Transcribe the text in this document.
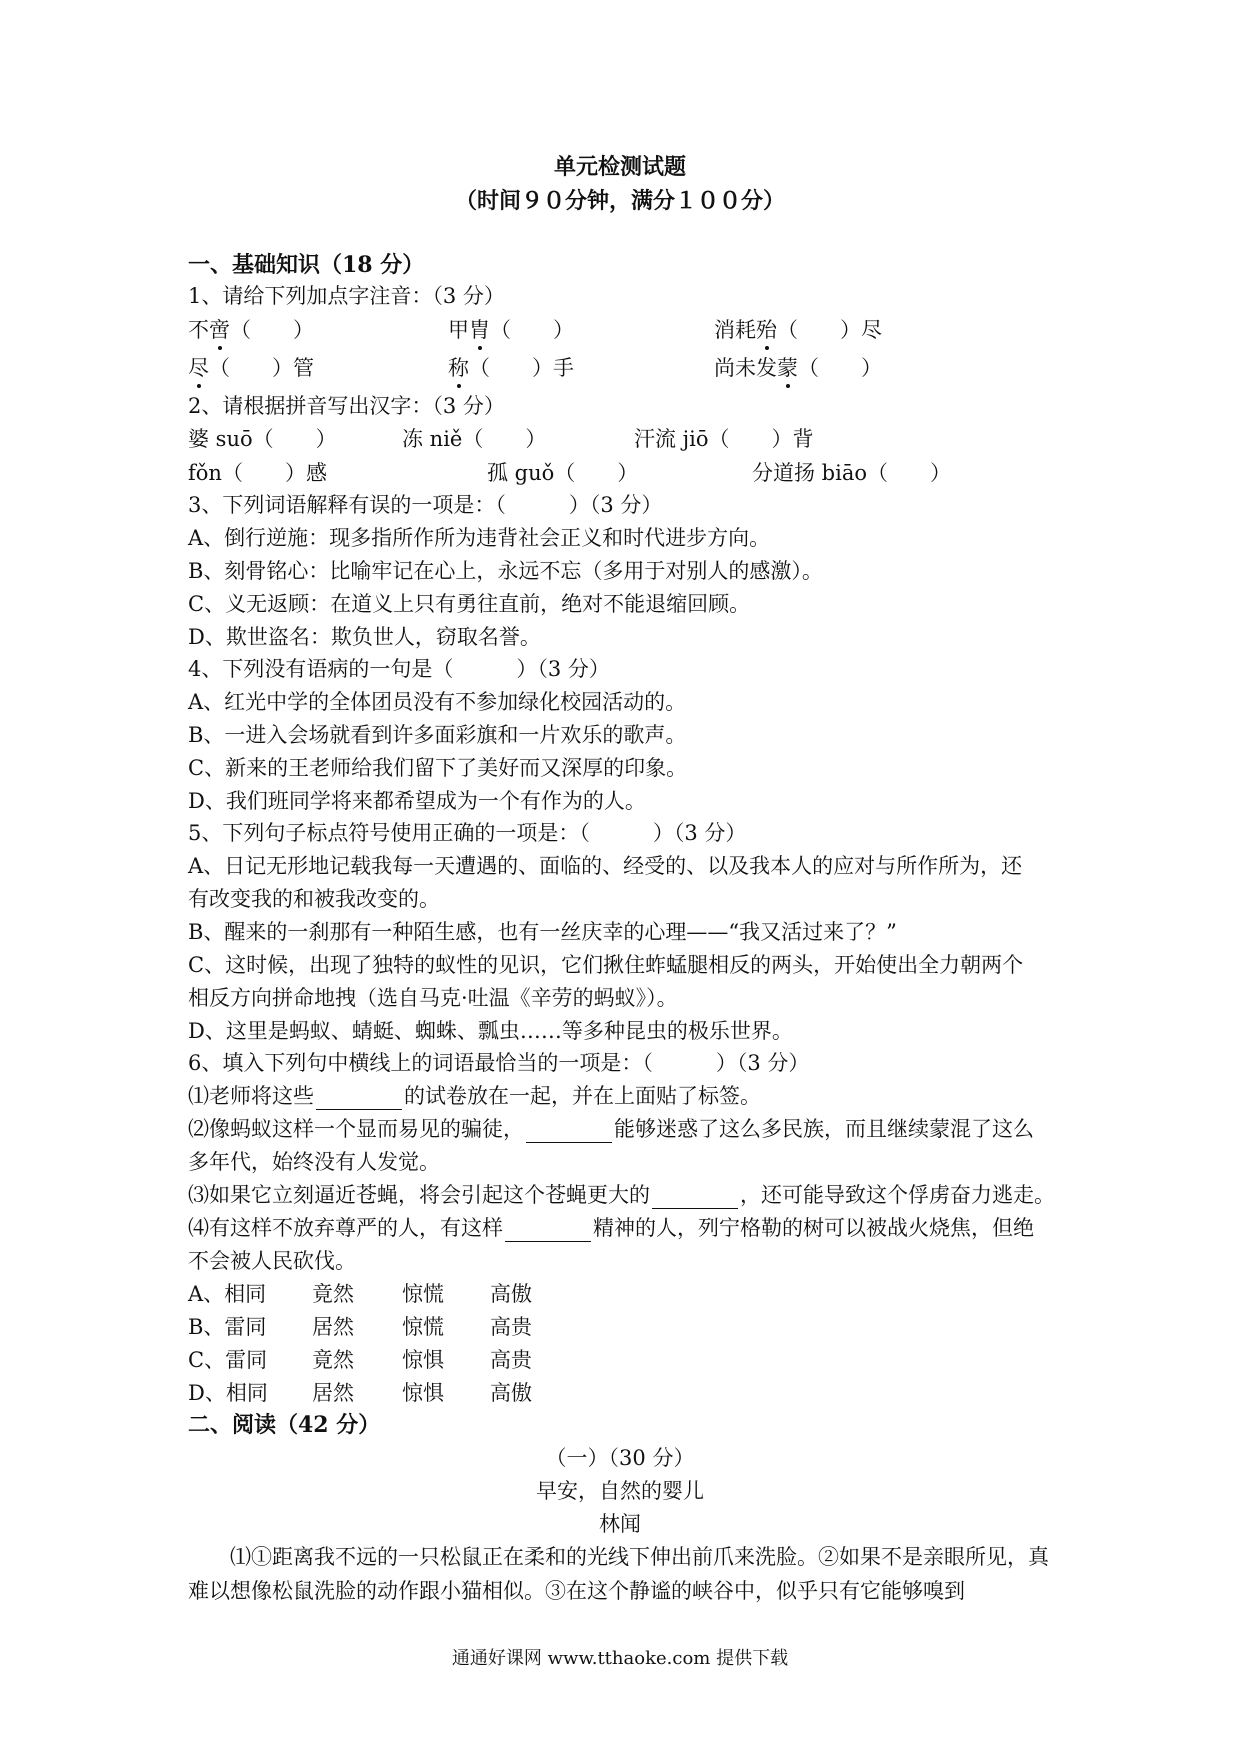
单元检测试题
（时间９０分钟，满分１００分）
一、基础知识（18 分）
1、请给下列加点字注音：（3 分）
不啻（　　）	甲胄（　　）	消耗殆（　　）尽
尽（　　）管	称（　　）手	尚未发蒙（　　）
2、请根据拼音写出汉字：（3 分）
婆 suō（　　）	冻 niě（　　）	汗流 jiō（　　）背
fǒn（　　）感	孤 guǒ（　　）	分道扬 biāo（　　）
3、下列词语解释有误的一项是：（　　　）（3 分）
A、倒行逆施：现多指所作所为违背社会正义和时代进步方向。
B、刻骨铭心：比喻牢记在心上，永远不忘（多用于对别人的感激）。
C、义无返顾：在道义上只有勇往直前，绝对不能退缩回顾。
D、欺世盗名：欺负世人，窃取名誉。
4、下列没有语病的一句是（　　　）（3 分）
A、红光中学的全体团员没有不参加绿化校园活动的。
B、一进入会场就看到许多面彩旗和一片欢乐的歌声。
C、新来的王老师给我们留下了美好而又深厚的印象。
D、我们班同学将来都希望成为一个有作为的人。
5、下列句子标点符号使用正确的一项是：（　　　）（3 分）
A、日记无形地记载我每一天遭遇的、面临的、经受的、以及我本人的应对与所作所为，还
有改变我的和被我改变的。
B、醒来的一刹那有一种陌生感，也有一丝庆幸的心理——“我又活过来了？”
C、这时候，出现了独特的蚁性的见识，它们揪住蚱蜢腿相反的两头，开始使出全力朝两个
相反方向拼命地拽（选自马克·吐温《辛劳的蚂蚁》）。
D、这里是蚂蚁、蜻蜓、蜘蛛、瓢虫……等多种昆虫的极乐世界。
6、填入下列句中横线上的词语最恰当的一项是：（　　　）（3 分）
⑴老师将这些	的试卷放在一起，并在上面贴了标签。
⑵像蚂蚁这样一个显而易见的骗徒，	能够迷惑了这么多民族，而且继续蒙混了这么
多年代，始终没有人发觉。
⑶如果它立刻逼近苍蝇，将会引起这个苍蝇更大的	，还可能导致这个俘虏奋力逃走。
⑷有这样不放弃尊严的人，有这样	精神的人，列宁格勒的树可以被战火烧焦，但绝
不会被人民砍伐。
A、相同 竟然 惊慌 高傲
B、雷同 居然 惊慌 高贵
C、雷同 竟然 惊惧 高贵
D、相同 居然 惊惧 高傲
二、阅读（42 分）
（一）（30 分）
早安，自然的婴儿
林闻
⑴①距离我不远的一只松鼠正在柔和的光线下伸出前爪来洗脸。②如果不是亲眼所见，真难以想像松鼠洗脸的动作跟小猫相似。③在这个静谧的峡谷中，似乎只有它能够嗅到
通通好课网 www.tthaoke.com 提供下载
